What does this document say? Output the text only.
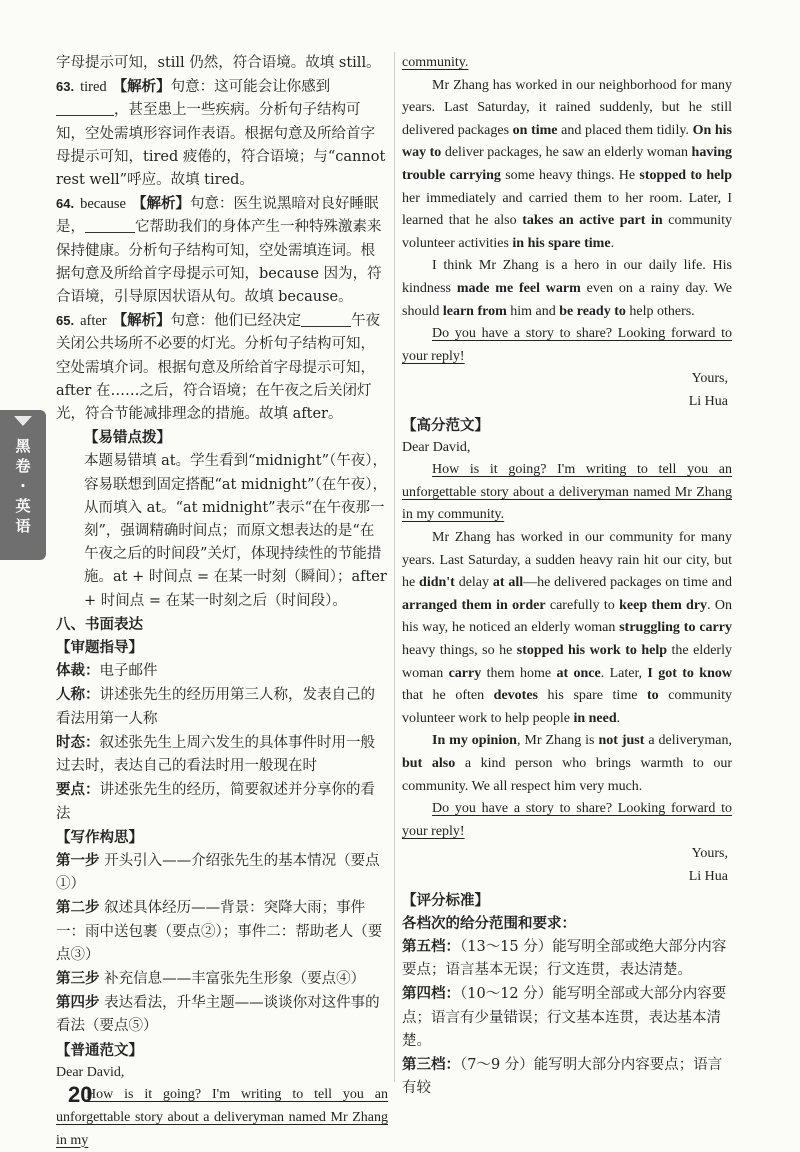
黑
卷
·
英
语

字母提示可知，still 仍然，符合语境。故填 still。

63. tired 【解析】句意：这可能会让你感到，甚至患上一些疾病。分析句子结构可知，空处需填形容词作表语。根据句意及所给首字母提示可知，tired 疲倦的，符合语境；与“cannot rest well”呼应。故填 tired。

64. because 【解析】句意：医生说黑暗对良好睡眠是，	它帮助我们的身体产生一种特殊激素来保持健康。分析句子结构可知，空处需填连词。根据句意及所给首字母提示可知，because 因为，符合语境，引导原因状语从句。故填 because。

65. after 【解析】句意：他们已经决定	午夜关闭公共场所不必要的灯光。分析句子结构可知，空处需填介词。根据句意及所给首字母提示可知，after 在……之后，符合语境；在午夜之后关闭灯光，符合节能减排理念的措施。故填 after。

【易错点拨】
本题易错填 at。学生看到“midnight”（午夜），容易联想到固定搭配“at midnight”（在午夜），从而填入 at。“at midnight”表示“在午夜那一刻”，强调精确时间点；而原文想表达的是“在午夜之后的时间段”关灯，体现持续性的节能措施。at + 时间点 = 在某一时刻（瞬间）；after + 时间点 = 在某一时刻之后（时间段）。

八、书面表达

【审题指导】

体裁：电子邮件

人称：讲述张先生的经历用第三人称，发表自己的看法用第一人称

时态：叙述张先生上周六发生的具体事件时用一般过去时，表达自己的看法时用一般现在时

要点：讲述张先生的经历，简要叙述并分享你的看法

【写作构思】

第一步 开头引入——介绍张先生的基本情况（要点①）

第二步 叙述具体经历——背景：突降大雨；事件一：雨中送包裹（要点②）；事件二：帮助老人（要点③）

第三步 补充信息——丰富张先生形象（要点④）

第四步 表达看法，升华主题——谈谈你对这件事的看法（要点⑤）

【普通范文】

Dear David,

How is it going? I'm writing to tell you an unforgettable story about a deliveryman named Mr Zhang in my

community.

Mr Zhang has worked in our neighborhood for many years. Last Saturday, it rained suddenly, but he still delivered packages on time and placed them tidily. On his way to deliver packages, he saw an elderly woman having trouble carrying some heavy things. He stopped to help her immediately and carried them to her room. Later, I learned that he also takes an active part in community volunteer activities in his spare time.

I think Mr Zhang is a hero in our daily life. His kindness made me feel warm even on a rainy day. We should learn from him and be ready to help others.

Do you have a story to share? Looking forward to your reply!

Yours,

Li Hua

【高分范文】

Dear David,

How is it going? I'm writing to tell you an unforgettable story about a deliveryman named Mr Zhang in my community.

Mr Zhang has worked in our community for many years. Last Saturday, a sudden heavy rain hit our city, but he didn't delay at all—he delivered packages on time and arranged them in order carefully to keep them dry. On his way, he noticed an elderly woman struggling to carry heavy things, so he stopped his work to help the elderly woman carry them home at once. Later, I got to know that he often devotes his spare time to community volunteer work to help people in need.

In my opinion, Mr Zhang is not just a deliveryman, but also a kind person who brings warmth to our community. We all respect him very much.

Do you have a story to share? Looking forward to your reply!

Yours,

Li Hua

【评分标准】

各档次的给分范围和要求：

第五档：（13～15 分）能写明全部或绝大部分内容要点；语言基本无误；行文连贯，表达清楚。

第四档：（10～12 分）能写明全部或大部分内容要点；语言有少量错误；行文基本连贯，表达基本清楚。

第三档：（7～9 分）能写明大部分内容要点；语言有较

20
